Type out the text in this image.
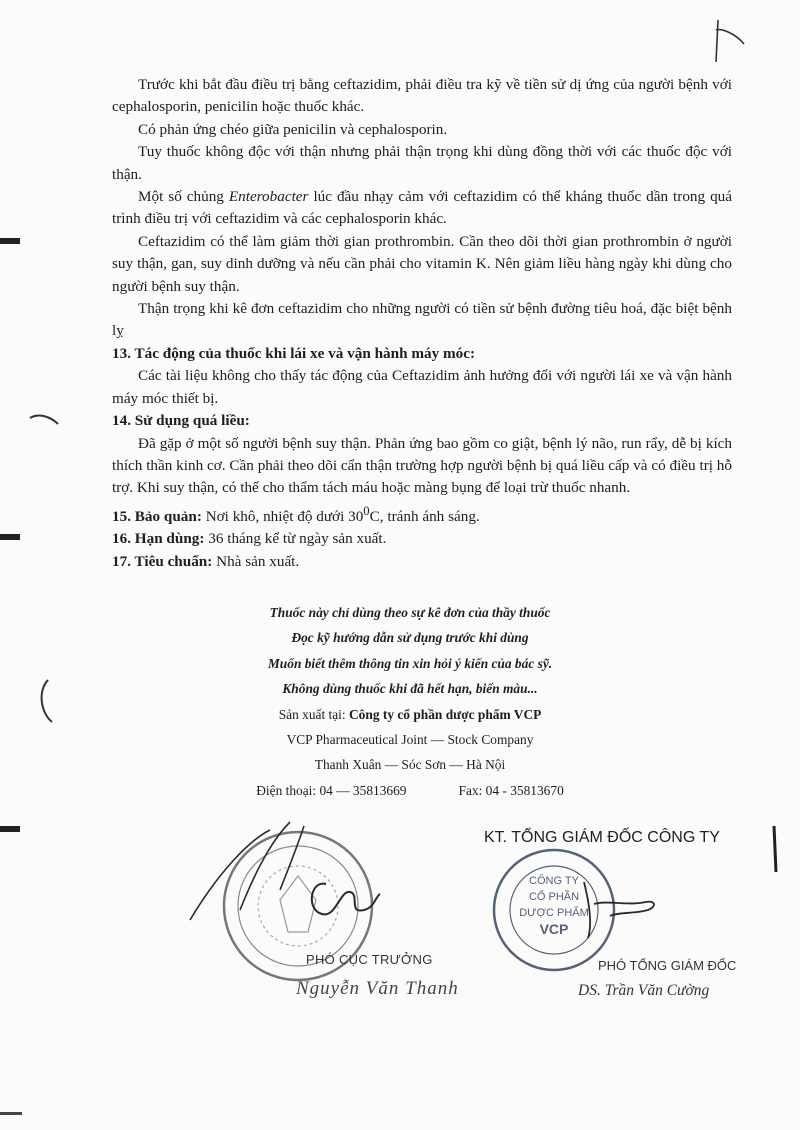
Trước khi bắt đầu điều trị bằng ceftazidim, phải điều tra kỹ về tiền sử dị ứng của người bệnh với cephalosporin, penicilin hoặc thuốc khác.

Có phản ứng chéo giữa penicilin và cephalosporin.

Tuy thuốc không độc với thận nhưng phải thận trọng khi dùng đồng thời với các thuốc độc với thận.

Một số chủng Enterobacter lúc đầu nhạy cảm với ceftazidim có thể kháng thuốc dần trong quá trình điều trị với ceftazidim và các cephalosporin khác.

Ceftazidim có thể làm giảm thời gian prothrombin. Cần theo dõi thời gian prothrombin ở người suy thận, gan, suy dinh dưỡng và nếu cần phải cho vitamin K. Nên giảm liều hàng ngày khi dùng cho người bệnh suy thận.

Thận trọng khi kê đơn ceftazidim cho những người có tiền sử bệnh đường tiêu hoá, đặc biệt bệnh lỵ

13. Tác động của thuốc khi lái xe và vận hành máy móc:

Các tài liệu không cho thấy tác động của Ceftazidim ảnh hưởng đối với người lái xe và vận hành máy móc thiết bị.

14. Sử dụng quá liều:

Đã gặp ở một số người bệnh suy thận. Phản ứng bao gồm co giật, bệnh lý não, run rẩy, dễ bị kích thích thần kinh cơ. Cần phải theo dõi cẩn thận trường hợp người bệnh bị quá liều cấp và có điều trị hỗ trợ. Khi suy thận, có thể cho thẩm tách máu hoặc màng bụng để loại trừ thuốc nhanh.

15. Bảo quản: Nơi khô, nhiệt độ dưới $30^0C$, tránh ánh sáng.

16. Hạn dùng: 36 tháng kể từ ngày sản xuất.

17. Tiêu chuẩn: Nhà sản xuất.

Thuốc này chỉ dùng theo sự kê đơn của thầy thuốc
Đọc kỹ hướng dẫn sử dụng trước khi dùng
Muốn biết thêm thông tin xin hỏi ý kiến của bác sỹ.
Không dùng thuốc khi đã hết hạn, biến màu...
Sản xuất tại: Công ty cổ phần dược phẩm VCP
VCP Pharmaceutical Joint — Stock Company
Thanh Xuân — Sóc Sơn — Hà Nội
Điện thoại: 04 — 35813669	Fax: 04 - 35813670
PHÓ CỤC TRƯỞNG
Nguyễn Văn Thanh
KT. TỔNG GIÁM ĐỐC CÔNG TY
CÔNG TY
CỔ PHẦN
DƯỢC PHẨM
VCP
PHÓ TỔNG GIÁM ĐỐC
DS. Trần Văn Cường
